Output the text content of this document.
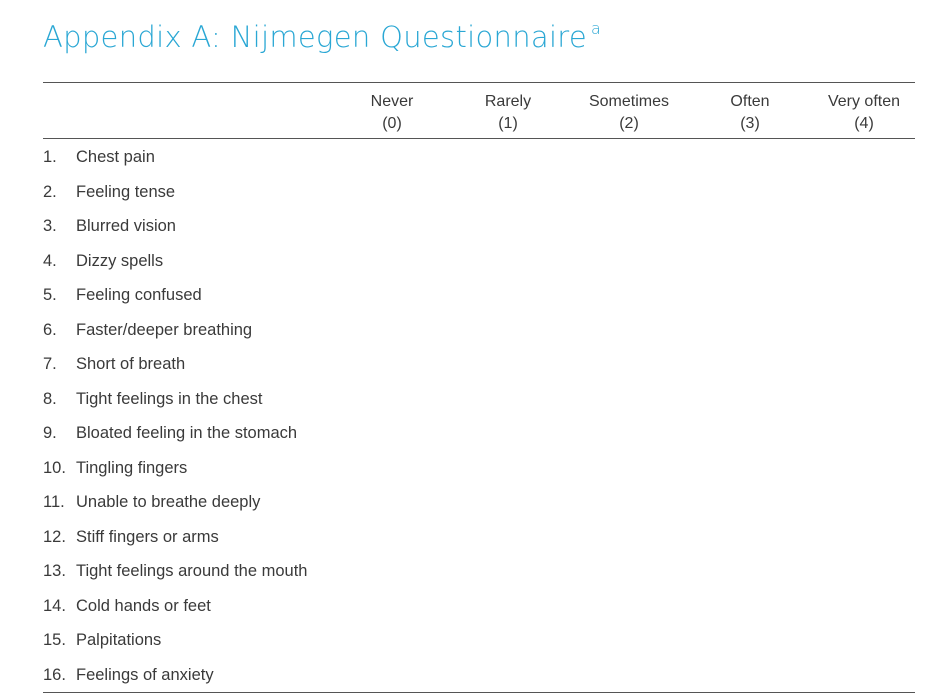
Appendix A: Nijmegen Questionnaire $^a$
Never
(0)
Rarely
(1)
Sometimes
(2)
Often
(3)
Very often
(4)
1. Chest pain
2. Feeling tense
3. Blurred vision
4. Dizzy spells
5. Feeling confused
6. Faster/deeper breathing
7. Short of breath
8. Tight feelings in the chest
9. Bloated feeling in the stomach
10. Tingling fingers
11. Unable to breathe deeply
12. Stiff fingers or arms
13. Tight feelings around the mouth
14. Cold hands or feet
15. Palpitations
16. Feelings of anxiety
